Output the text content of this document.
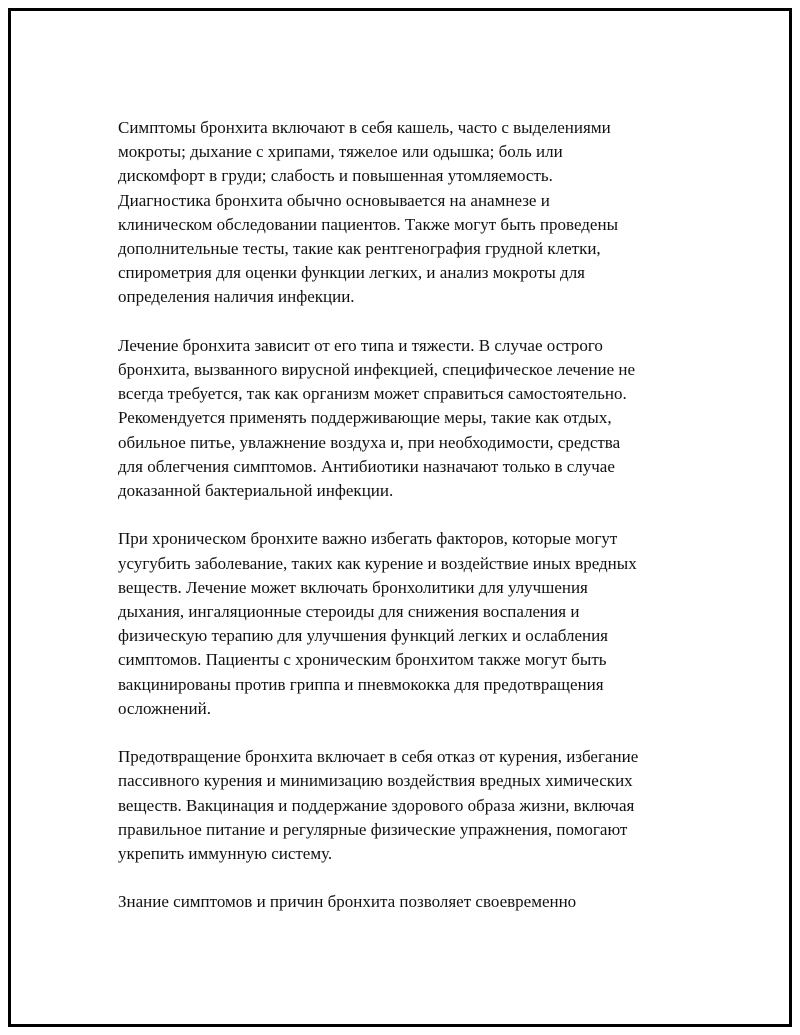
Симптомы бронхита включают в себя кашель, часто с выделениями
мокроты; дыхание с хрипами, тяжелое или одышка; боль или
дискомфорт в груди; слабость и повышенная утомляемость.
Диагностика бронхита обычно основывается на анамнезе и
клиническом обследовании пациентов. Также могут быть проведены
дополнительные тесты, такие как рентгенография грудной клетки,
спирометрия для оценки функции легких, и анализ мокроты для
определения наличия инфекции.

Лечение бронхита зависит от его типа и тяжести. В случае острого
бронхита, вызванного вирусной инфекцией, специфическое лечение не
всегда требуется, так как организм может справиться самостоятельно.
Рекомендуется применять поддерживающие меры, такие как отдых,
обильное питье, увлажнение воздуха и, при необходимости, средства
для облегчения симптомов. Антибиотики назначают только в случае
доказанной бактериальной инфекции.

При хроническом бронхите важно избегать факторов, которые могут
усугубить заболевание, таких как курение и воздействие иных вредных
веществ. Лечение может включать бронхолитики для улучшения
дыхания, ингаляционные стероиды для снижения воспаления и
физическую терапию для улучшения функций легких и ослабления
симптомов. Пациенты с хроническим бронхитом также могут быть
вакцинированы против гриппа и пневмококка для предотвращения
осложнений.

Предотвращение бронхита включает в себя отказ от курения, избегание
пассивного курения и минимизацию воздействия вредных химических
веществ. Вакцинация и поддержание здорового образа жизни, включая
правильное питание и регулярные физические упражнения, помогают
укрепить иммунную систему.

Знание симптомов и причин бронхита позволяет своевременно
